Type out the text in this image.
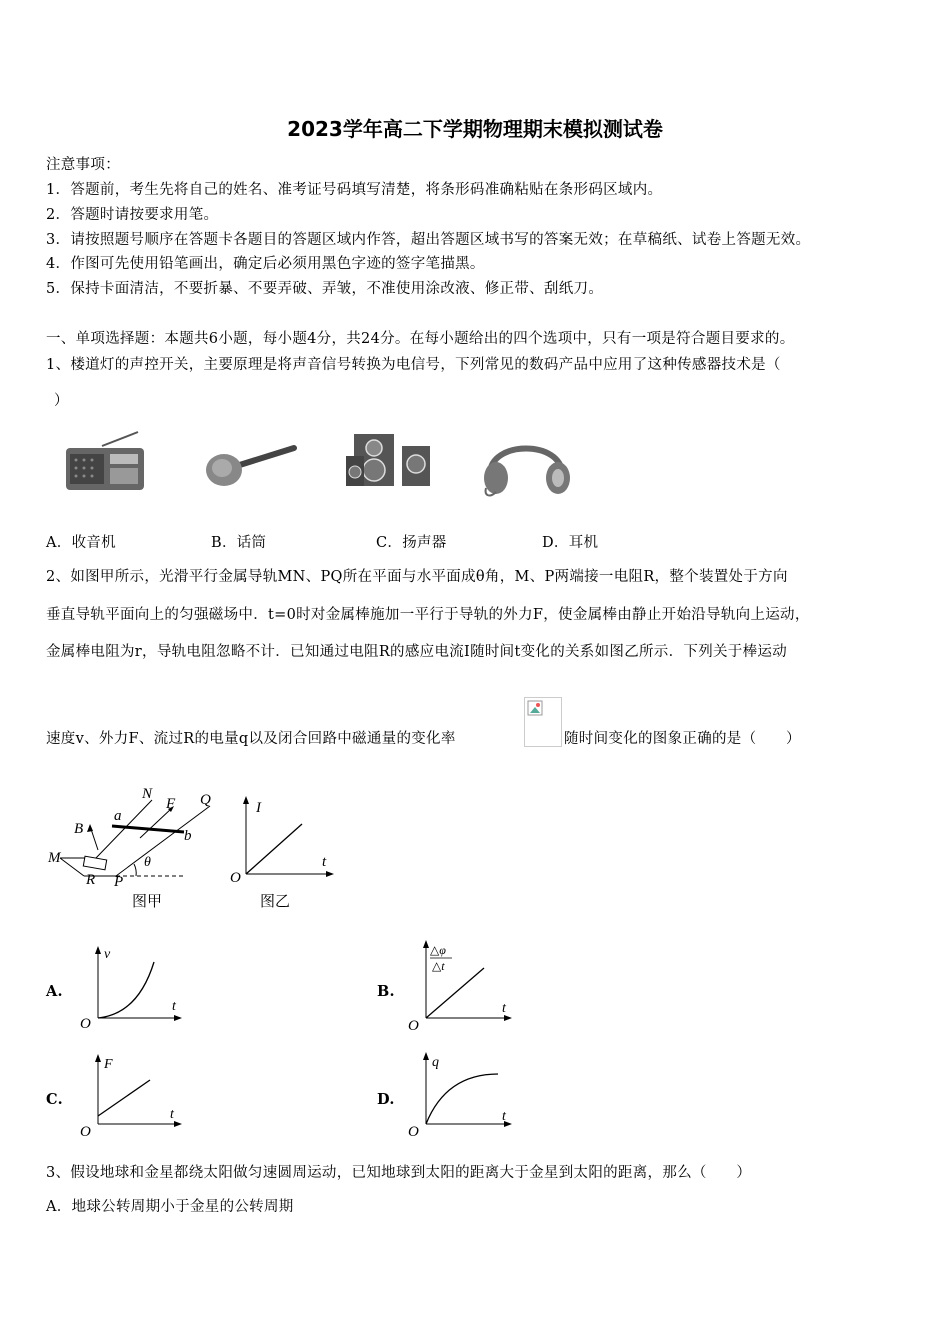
2023学年高二下学期物理期末模拟测试卷
注意事项：
1．答题前，考生先将自己的姓名、准考证号码填写清楚，将条形码准确粘贴在条形码区域内。
2．答题时请按要求用笔。
3．请按照题号顺序在答题卡各题目的答题区域内作答，超出答题区域书写的答案无效；在草稿纸、试卷上答题无效。
4．作图可先使用铅笔画出，确定后必须用黑色字迹的签字笔描黑。
5．保持卡面清洁，不要折暴、不要弄破、弄皱，不准使用涂改液、修正带、刮纸刀。
一、单项选择题：本题共6小题，每小题4分，共24分。在每小题给出的四个选项中，只有一项是符合题目要求的。
1、楼道灯的声控开关，主要原理是将声音信号转换为电信号，下列常见的数码产品中应用了这种传感器技术是（
）
A．收音机	B．话筒	C．扬声器	D．耳机
2、如图甲所示，光滑平行金属导轨MN、PQ所在平面与水平面成θ角，M、P两端接一电阻R，整个装置处于方向
垂直导轨平面向上的匀强磁场中．t=0时对金属棒施加一平行于导轨的外力F，使金属棒由静止开始沿导轨向上运动，
金属棒电阻为r，导轨电阻忽略不计．已知通过电阻R的感应电流I随时间t变化的关系如图乙所示．下列关于棒运动
速度v、外力F、流过R的电量q以及闭合回路中磁通量的变化率	随时间变化的图象正确的是（　　）
N
F Q
a
b
B
M
R P
θ
图甲
I
t
O
图乙
A.
v
t
O
B.
△φ
△t
t
O
C.
F
t
O
D.
q
t
O
3、假设地球和金星都绕太阳做匀速圆周运动，已知地球到太阳的距离大于金星到太阳的距离，那么（　　）
A．地球公转周期小于金星的公转周期
